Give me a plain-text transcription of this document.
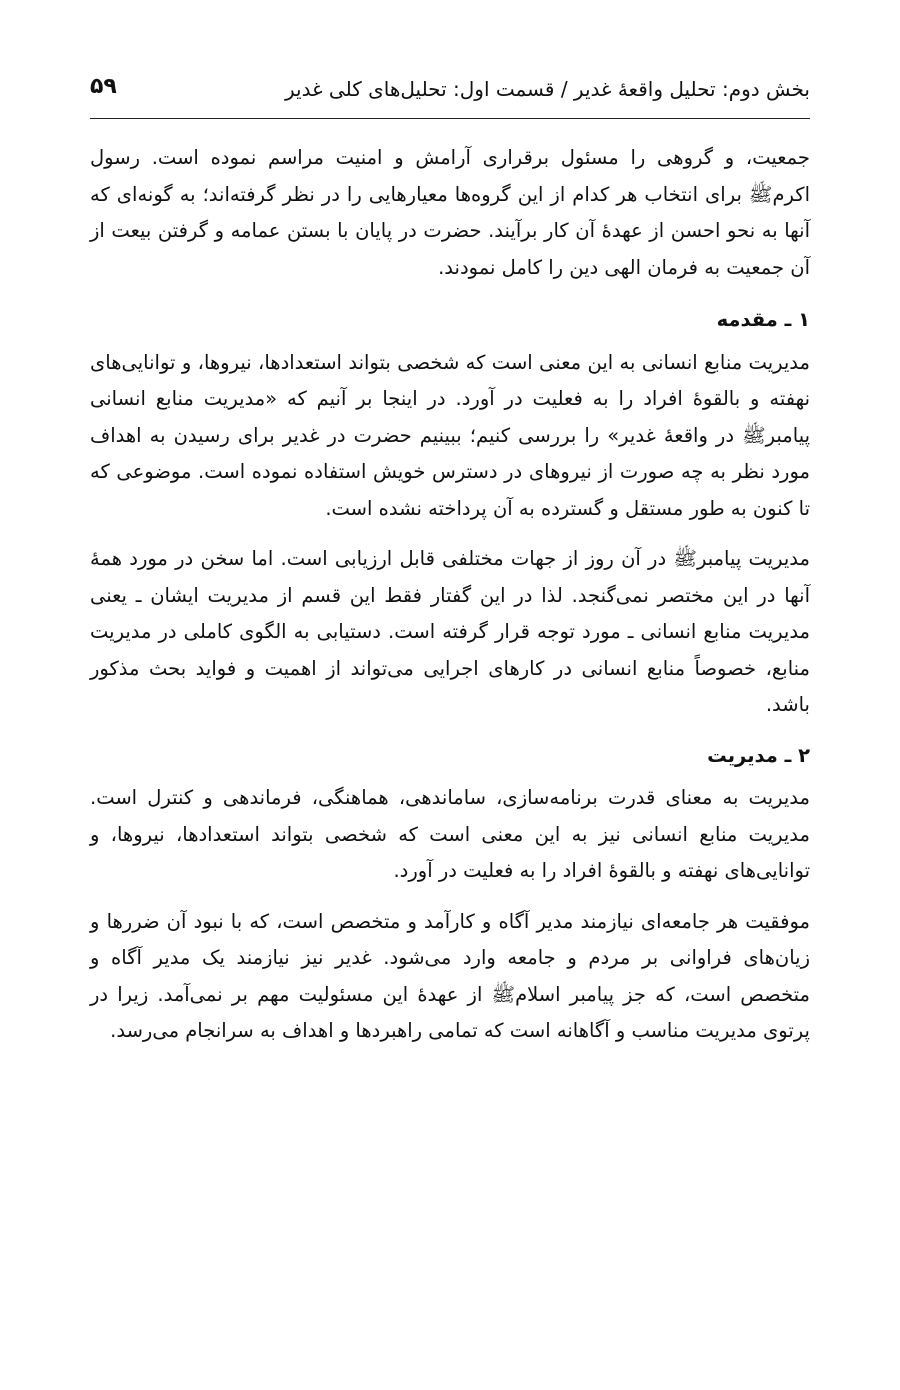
بخش دوم: تحلیل واقعهٔ غدیر / قسمت اول: تحلیل‌های کلی غدیر
۵۹

جمعیت، و گروهی را مسئول برقراری آرامش و امنیت مراسم نموده است. رسول اکرمﷺ برای انتخاب هر کدام از این گروه‌ها معیارهایی را در نظر گرفته‌اند؛ به گونه‌ای که آنها به نحو احسن از عهدهٔ آن کار برآیند. حضرت در پایان با بستن عمامه و گرفتن بیعت از آن جمعیت به فرمان الهی دین را کامل نمودند.

۱ ـ مقدمه

مدیریت منابع انسانی به این معنی است که شخصی بتواند استعدادها، نیروها، و توانایی‌های نهفته و بالقوهٔ افراد را به فعلیت در آورد. در اینجا بر آنیم که «مدیریت منابع انسانی پیامبرﷺ در واقعهٔ غدیر» را بررسی کنیم؛ ببینیم حضرت در غدیر برای رسیدن به اهداف مورد نظر به چه صورت از نیروهای در دسترس خویش استفاده نموده است. موضوعی که تا کنون به طور مستقل و گسترده به آن پرداخته نشده است.

مدیریت پیامبرﷺ در آن روز از جهات مختلفی قابل ارزیابی است. اما سخن در مورد همهٔ آنها در این مختصر نمی‌گنجد. لذا در این گفتار فقط این قسم از مدیریت ایشان ـ یعنی مدیریت منابع انسانی ـ مورد توجه قرار گرفته است. دستیابی به الگوی کاملی در مدیریت منابع، خصوصاً منابع انسانی در کارهای اجرایی می‌تواند از اهمیت و فواید بحث مذکور باشد.

۲ ـ مدیریت

مدیریت به معنای قدرت برنامه‌سازی، ساماندهی، هماهنگی، فرماندهی و کنترل است. مدیریت منابع انسانی نیز به این معنی است که شخصی بتواند استعدادها، نیروها، و توانایی‌های نهفته و بالقوهٔ افراد را به فعلیت در آورد.

موفقیت هر جامعه‌ای نیازمند مدیر آگاه و کارآمد و متخصص است، که با نبود آن ضررها و زیان‌های فراوانی بر مردم و جامعه وارد می‌شود. غدیر نیز نیازمند یک مدیر آگاه و متخصص است، که جز پیامبر اسلامﷺ از عهدهٔ این مسئولیت مهم بر نمی‌آمد. زیرا در پرتوی مدیریت مناسب و آگاهانه است که تمامی راهبردها و اهداف به سرانجام می‌رسد.
